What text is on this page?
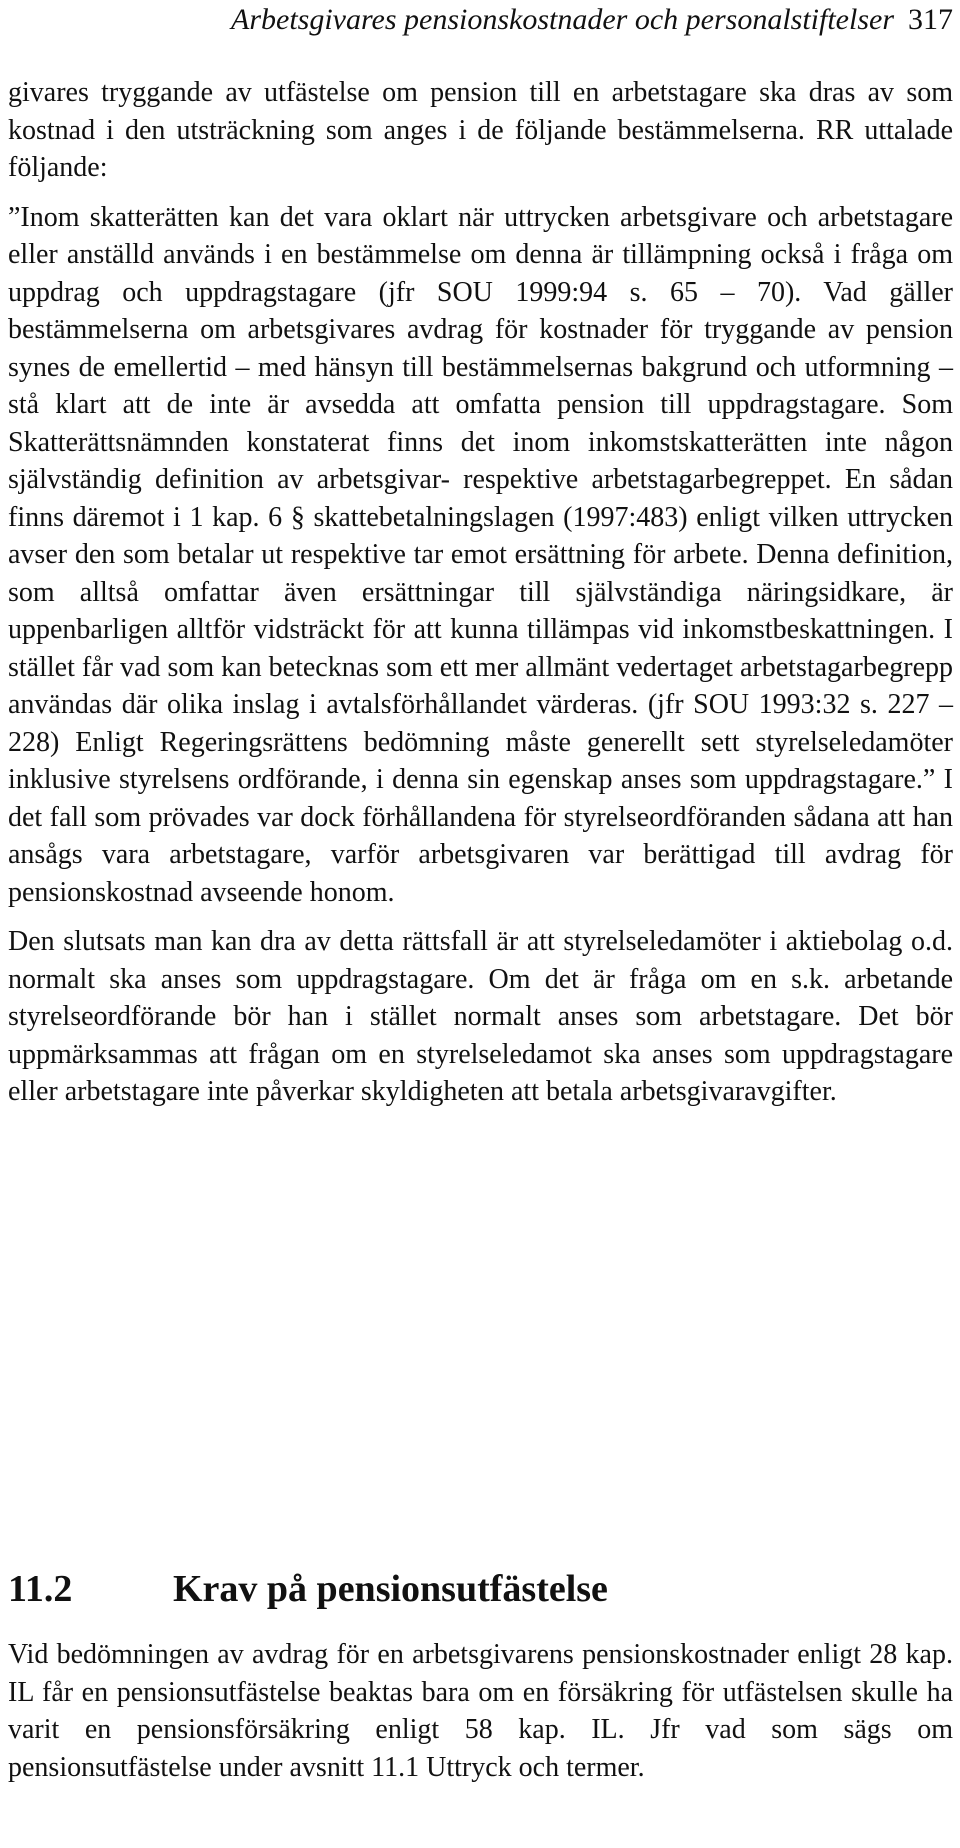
Arbetsgivares pensionskostnader och personalstiftelser 317

givares tryggande av utfästelse om pension till en arbetstagare ska dras av som kostnad i den utsträckning som anges i de följande bestämmelserna. RR uttalade följande:

”Inom skatterätten kan det vara oklart när uttrycken arbetsgivare och arbetstagare eller anställd används i en bestämmelse om denna är tillämpning också i fråga om uppdrag och uppdragstagare (jfr SOU 1999:94 s. 65 – 70). Vad gäller bestämmelserna om arbetsgivares avdrag för kostnader för tryggande av pension synes de emellertid – med hänsyn till bestämmelsernas bakgrund och utformning – stå klart att de inte är avsedda att omfatta pension till uppdragstagare. Som Skatterättsnämnden konstaterat finns det inom inkomstskatterätten inte någon självständig definition av arbetsgivar- respektive arbetstagarbegreppet. En sådan finns däremot i 1 kap. 6 § skattebetalningslagen (1997:483) enligt vilken uttrycken avser den som betalar ut respektive tar emot ersättning för arbete. Denna definition, som alltså omfattar även ersättningar till självständiga näringsidkare, är uppenbarligen alltför vidsträckt för att kunna tillämpas vid inkomstbeskattningen. I stället får vad som kan betecknas som ett mer allmänt vedertaget arbetstagarbegrepp användas där olika inslag i avtalsförhållandet värderas. (jfr SOU 1993:32 s. 227 – 228) Enligt Regeringsrättens bedömning måste generellt sett styrelseledamöter inklusive styrelsens ordförande, i denna sin egenskap anses som uppdragstagare.” I det fall som prövades var dock förhållandena för styrelseordföranden sådana att han ansågs vara arbetstagare, varför arbetsgivaren var berättigad till avdrag för pensionskostnad avseende honom.

Den slutsats man kan dra av detta rättsfall är att styrelseledamöter i aktiebolag o.d. normalt ska anses som uppdragstagare. Om det är fråga om en s.k. arbetande styrelseordförande bör han i stället normalt anses som arbetstagare. Det bör uppmärksammas att frågan om en styrelseledamot ska anses som uppdragstagare eller arbetstagare inte påverkar skyldigheten att betala arbetsgivaravgifter.

11.2	Krav på pensionsutfästelse

Vid bedömningen av avdrag för en arbetsgivarens pensionskostnader enligt 28 kap. IL får en pensionsutfästelse beaktas bara om en försäkring för utfästelsen skulle ha varit en pensionsförsäkring enligt 58 kap. IL. Jfr vad som sägs om pensionsutfästelse under avsnitt 11.1 Uttryck och termer.
